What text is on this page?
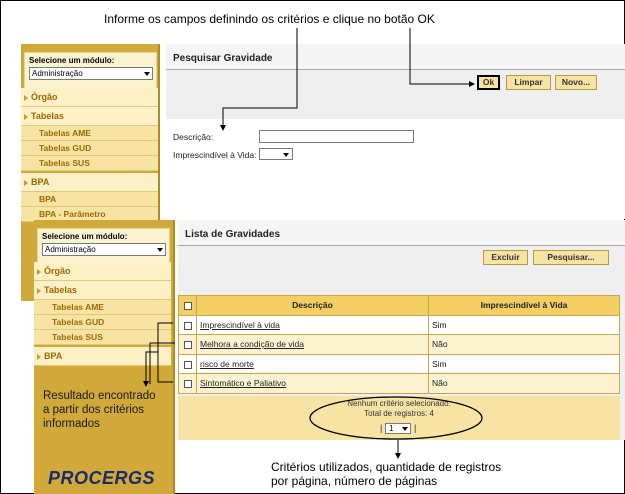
Informe os campos definindo os critérios e clique no botão OK
Selecione um módulo:
Administração
Órgão
Tabelas
Tabelas AME
Tabelas GUD
Tabelas SUS
BPA
BPA
BPA - Parâmetro
Pesquisar Gravidade
Ok	Limpar	Novo...
Descrição:
Imprescindível à Vida:
Selecione um módulo:
Administração
Órgão
Tabelas
Tabelas AME
Tabelas GUD
Tabelas SUS
BPA
PROCERGS
Lista de Gravidades
Excluir	Pesquisar...
	Descrição	Imprescindível à Vida
	Imprescindível à vida	Sim
	Melhora a condição de vida	Não
	risco de morte	Sim
	Sintomático e Paliativo	Não
Nenhum critério selecionado.
Total de registros: 4
| 1	|
Resultado encontrado a partir dos critérios informados
Critérios utilizados, quantidade de registros por página, número de páginas
